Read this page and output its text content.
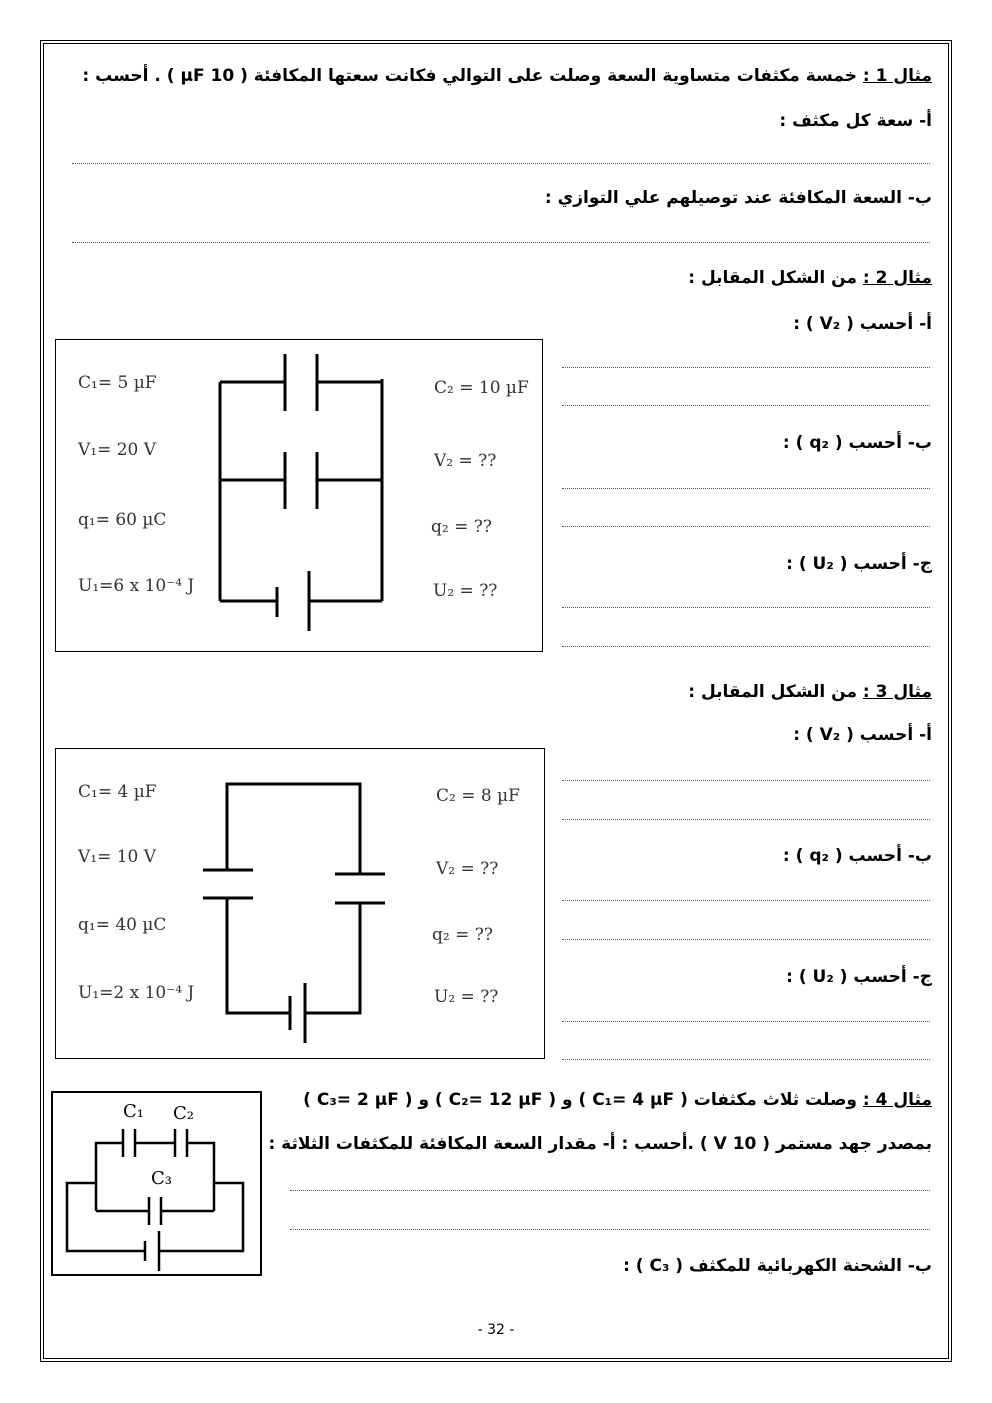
مثال 1 : خمسة مكثفات متساوية السعة وصلت على التوالي فكانت سعتها المكافئة ( 10 µF ) . أحسب :
أ- سعة كل مكثف :
ب- السعة المكافئة عند توصيلهم علي التوازي :
مثال 2 : من الشكل المقابل :
أ- أحسب ( V₂ ) :
ب- أحسب ( q₂ ) :
ج- أحسب ( U₂ ) :
C₁= 5 µF
V₁= 20 V
q₁= 60 µC
U₁=6 x 10⁻⁴ J
C₂ = 10 µF
V₂ = ??
q₂ = ??
U₂ = ??
مثال 3 : من الشكل المقابل :
أ- أحسب ( V₂ ) :
ب- أحسب ( q₂ ) :
ج- أحسب ( U₂ ) :
C₁= 4 µF
V₁= 10 V
q₁= 40 µC
U₁=2 x 10⁻⁴ J
C₂ = 8 µF
V₂ = ??
q₂ = ??
U₂ = ??
مثال 4 : وصلت ثلاث مكثفات ( C₁= 4 µF ) و ( C₂= 12 µF ) و ( C₃= 2 µF )
بمصدر جهد مستمر ( 10 V ) .أحسب : أ- مقدار السعة المكافئة للمكثفات الثلاثة :
ب- الشحنة الكهربائية للمكثف ( C₃ ) :
C₁ C₂
C₃
- 32 -
